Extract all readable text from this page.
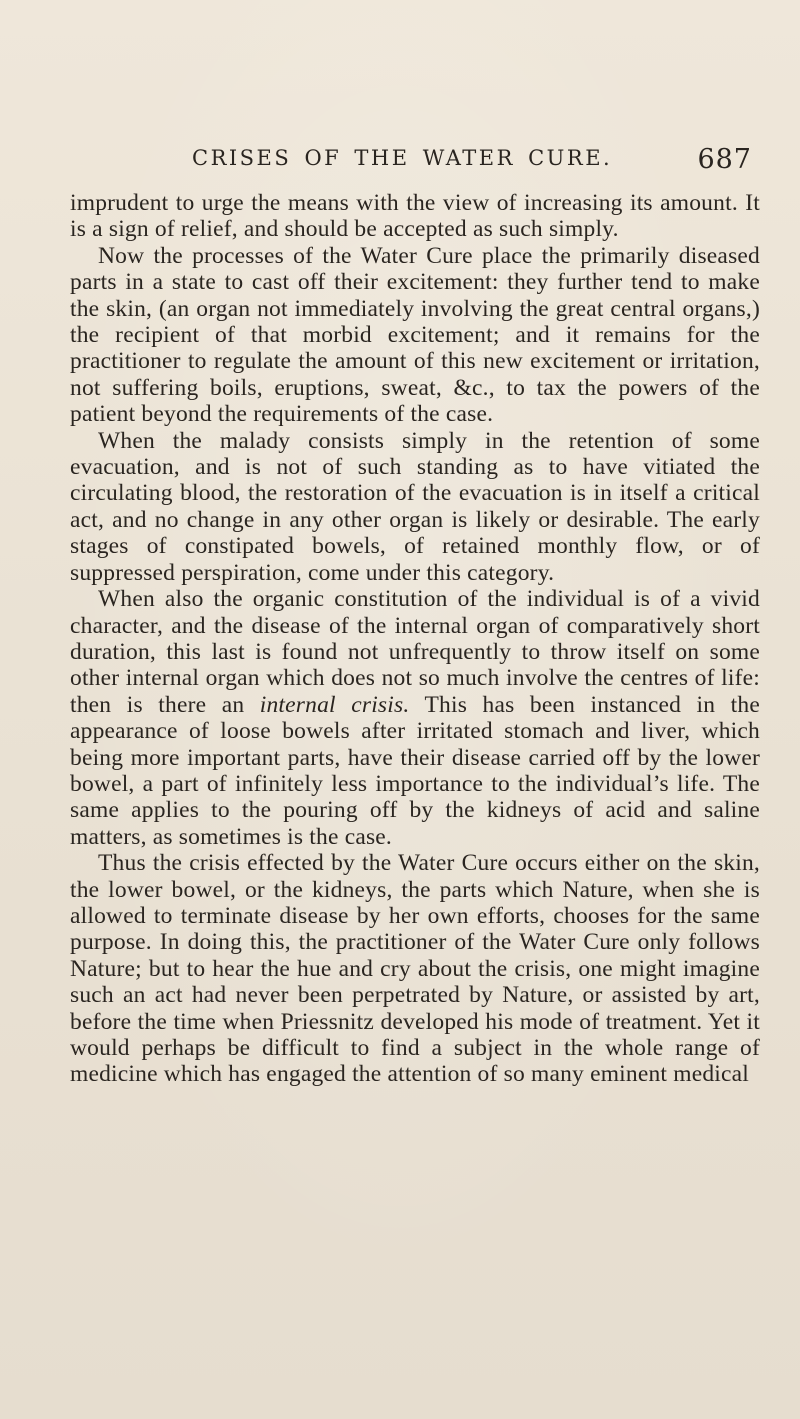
CRISES OF THE WATER CURE.	687

imprudent to urge the means with the view of increasing its amount. It is a sign of relief, and should be accepted as such simply.

Now the processes of the Water Cure place the primarily diseased parts in a state to cast off their excitement: they further tend to make the skin, (an organ not immediately involving the great central organs,) the recipient of that morbid excitement; and it remains for the practitioner to regulate the amount of this new excitement or irritation, not suffering boils, eruptions, sweat, &c., to tax the powers of the patient beyond the requirements of the case.

When the malady consists simply in the retention of some evacuation, and is not of such standing as to have vitiated the circulating blood, the restoration of the evacuation is in itself a critical act, and no change in any other organ is likely or desirable. The early stages of constipated bowels, of retained monthly flow, or of suppressed perspiration, come under this category.

When also the organic constitution of the individual is of a vivid character, and the disease of the internal organ of comparatively short duration, this last is found not unfrequently to throw itself on some other internal organ which does not so much involve the centres of life: then is there an internal crisis. This has been instanced in the appearance of loose bowels after irritated stomach and liver, which being more important parts, have their disease carried off by the lower bowel, a part of infinitely less importance to the individual’s life. The same applies to the pouring off by the kidneys of acid and saline matters, as sometimes is the case.

Thus the crisis effected by the Water Cure occurs either on the skin, the lower bowel, or the kidneys, the parts which Nature, when she is allowed to terminate disease by her own efforts, chooses for the same purpose. In doing this, the practitioner of the Water Cure only follows Nature; but to hear the hue and cry about the crisis, one might imagine such an act had never been perpetrated by Nature, or assisted by art, before the time when Priessnitz developed his mode of treatment. Yet it would perhaps be difficult to find a subject in the whole range of medicine which has engaged the attention of so many eminent medical
